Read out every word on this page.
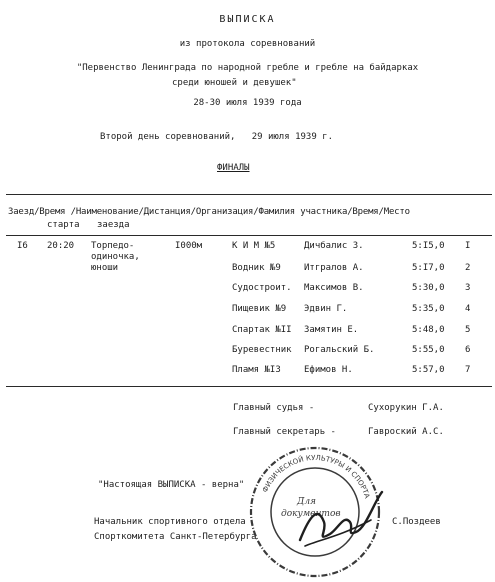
ВЫПИСКА
из протокола соревнований
"Первенство Ленинграда по народной гребле и гребле на байдарках
среди юношей и девушек"
28-30 июля 1939 года
Второй день соревнований,   29 июля 1939 г.
ФИНАЛЫ
Заезд/Время /Наименование/Дистанция/Организация/Фамилия участника/Время/Место
старта заезда
I6 20:20 Торпедо-
одиночка,
юноши
I000м	К И М №5	Дичбалис З.	5:I5,0 I
Водник №9	Итгралов А.	5:I7,0 2
Судострoит. Максимов В.	5:30,0 3
Пищевик №9 Эдвин Г.	5:35,0 4
Спартак №II Замятин Е.	5:48,0 5
Буревестник Рогальский Б.	5:55,0 6
Пламя №I3	Ефимов Н.	5:57,0 7
Главный судья -	Сухорукин Г.А.
Главный секретарь -	Гавроский А.С.
"Настоящая ВЫПИСКА - верна"
Начальник спортивного отдела
Спорткомитета Санкт-Петербурга
С.Поздеев
ФИЗИЧЕСКОЙ КУЛЬТУРЫ И СПОРТА
Для
документов
